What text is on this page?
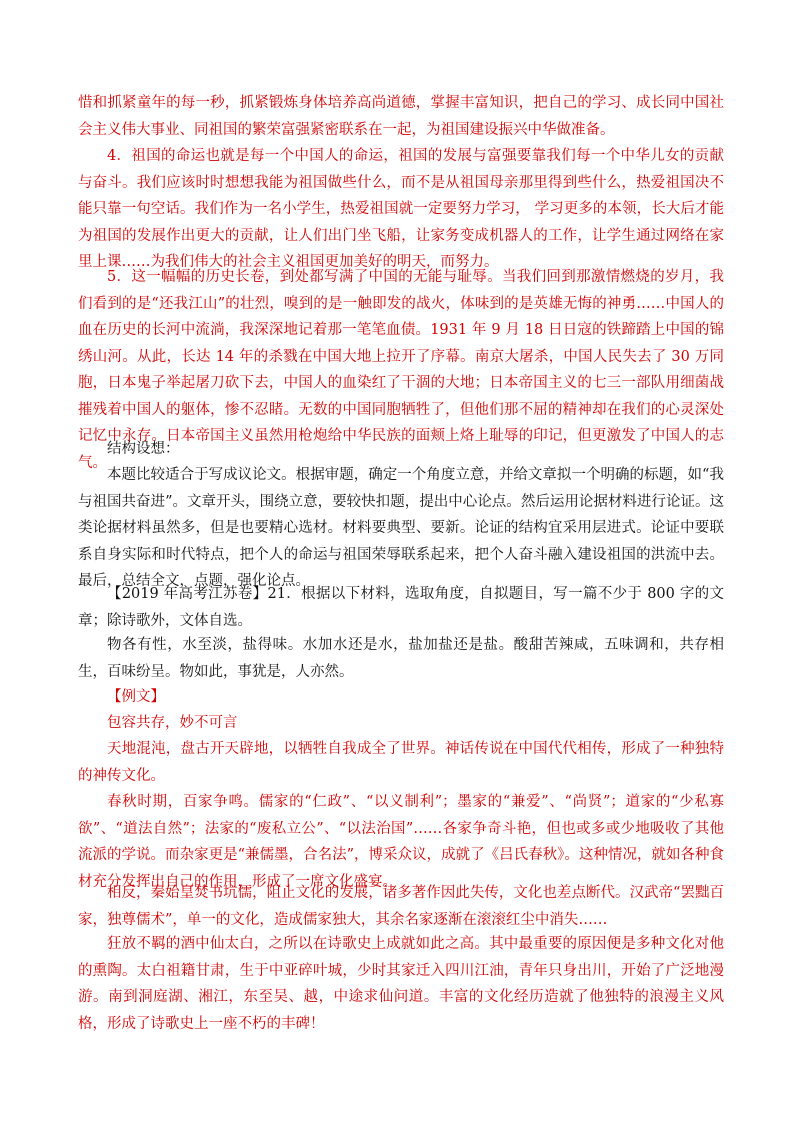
惜和抓紧童年的每一秒，抓紧锻炼身体培养高尚道德，掌握丰富知识，把自己的学习、成长同中国社会主义伟大事业、同祖国的繁荣富强紧密联系在一起，为祖国建设振兴中华做准备。
4．祖国的命运也就是每一个中国人的命运，祖国的发展与富强要靠我们每一个中华儿女的贡献与奋斗。我们应该时时想想我能为祖国做些什么，而不是从祖国母亲那里得到些什么，热爱祖国决不能只靠一句空话。我们作为一名小学生，热爱祖国就一定要努力学习， 学习更多的本领，长大后才能为祖国的发展作出更大的贡献，让人们出门坐飞船，让家务变成机器人的工作，让学生通过网络在家里上课……为我们伟大的社会主义祖国更加美好的明天，而努力。
5．这一幅幅的历史长卷，到处都写满了中国的无能与耻辱。当我们回到那激情燃烧的岁月，我们看到的是“还我江山”的壮烈，嗅到的是一触即发的战火，体味到的是英雄无悔的神勇……中国人的血在历史的长河中流淌，我深深地记着那一笔笔血债。1931 年 9 月 18 日日寇的铁蹄踏上中国的锦绣山河。从此，长达 14 年的杀戮在中国大地上拉开了序幕。南京大屠杀，中国人民失去了 30 万同胞，日本鬼子举起屠刀砍下去，中国人的血染红了干涸的大地；日本帝国主义的七三一部队用细菌战摧残着中国人的躯体，惨不忍睹。无数的中国同胞牺牲了，但他们那不屈的精神却在我们的心灵深处记忆中永存。日本帝国主义虽然用枪炮给中华民族的面颊上烙上耻辱的印记，但更激发了中国人的志气。
结构设想：
本题比较适合于写成议论文。根据审题，确定一个角度立意，并给文章拟一个明确的标题，如“我与祖国共奋进”。文章开头，围绕立意，要较快扣题，提出中心论点。然后运用论据材料进行论证。这类论据材料虽然多，但是也要精心选材。材料要典型、要新。论证的结构宜采用层进式。论证中要联系自身实际和时代特点，把个人的命运与祖国荣辱联系起来，把个人奋斗融入建设祖国的洪流中去。最后，总结全文，点题，强化论点。
【2019 年高考江苏卷】21．根据以下材料，选取角度，自拟题目，写一篇不少于 800 字的文章；除诗歌外，文体自选。
物各有性，水至淡，盐得味。水加水还是水，盐加盐还是盐。酸甜苦辣咸，五味调和，共存相生，百味纷呈。物如此，事犹是，人亦然。
【例文】
包容共存，妙不可言
天地混沌，盘古开天辟地，以牺牲自我成全了世界。神话传说在中国代代相传，形成了一种独特的神传文化。
春秋时期，百家争鸣。儒家的“仁政”、“以义制利”；墨家的“兼爱”、“尚贤”；道家的“少私寡欲”、“道法自然”；法家的“废私立公”、“以法治国”……各家争奇斗艳，但也或多或少地吸收了其他流派的学说。而杂家更是“兼儒墨，合名法”，博采众议，成就了《吕氏春秋》。这种情况，就如各种食材充分发挥出自己的作用，形成了一席文化盛宴。
相反，秦始皇焚书坑儒，阻止文化的发展，诸多著作因此失传，文化也差点断代。汉武帝“罢黜百家，独尊儒术”，单一的文化，造成儒家独大，其余名家逐渐在滚滚红尘中消失……
狂放不羁的酒中仙太白，之所以在诗歌史上成就如此之高。其中最重要的原因便是多种文化对他的熏陶。太白祖籍甘肃，生于中亚碎叶城，少时其家迁入四川江油，青年只身出川，开始了广泛地漫游。南到洞庭湖、湘江，东至吴、越，中途求仙问道。丰富的文化经历造就了他独特的浪漫主义风格，形成了诗歌史上一座不朽的丰碑！
